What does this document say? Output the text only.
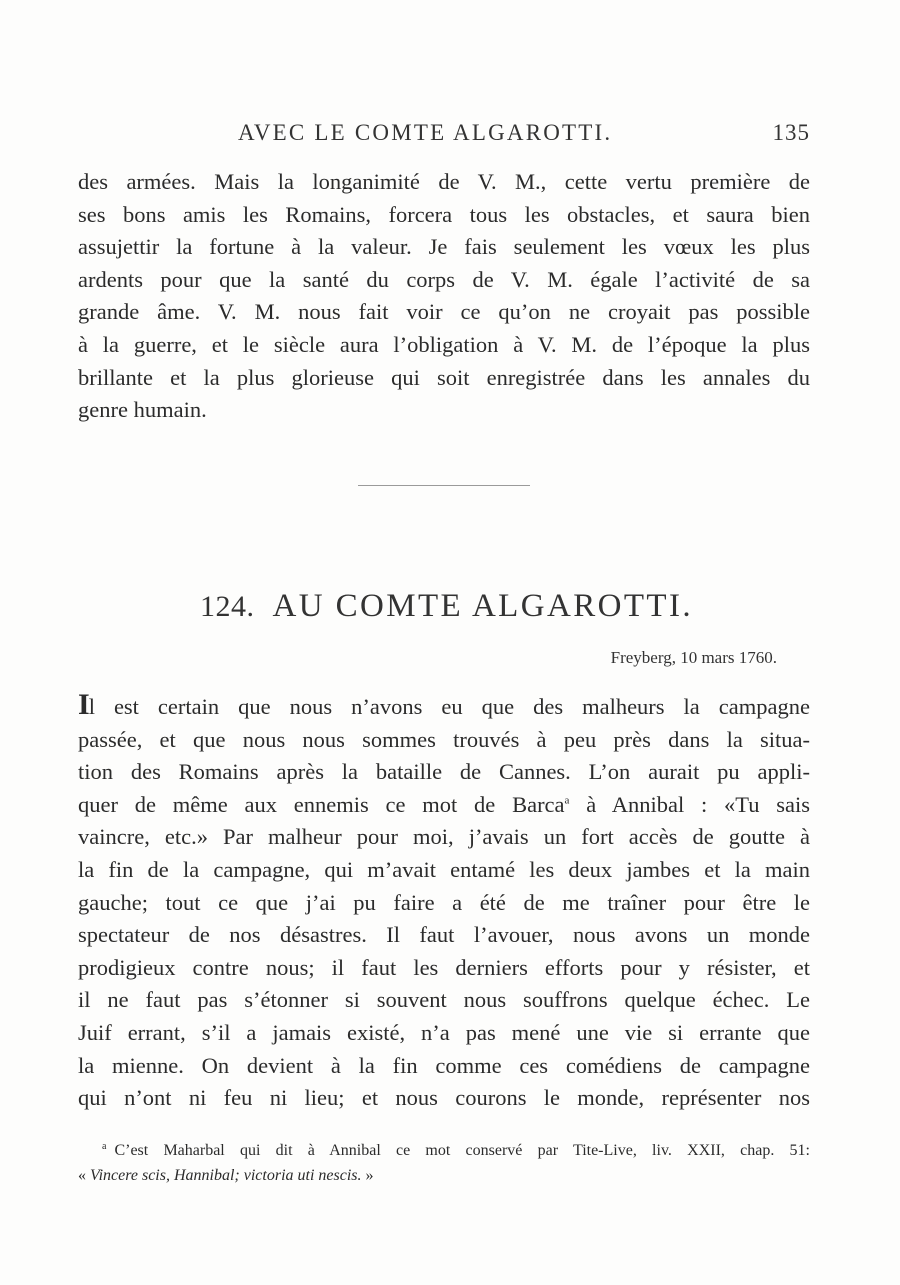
AVEC LE COMTE ALGAROTTI.	135
des armées. Mais la longanimité de V. M., cette vertu première de
ses bons amis les Romains, forcera tous les obstacles, et saura bien
assujettir la fortune à la valeur. Je fais seulement les vœux les plus
ardents pour que la santé du corps de V. M. égale l’activité de sa
grande âme. V. M. nous fait voir ce qu’on ne croyait pas possible
à la guerre, et le siècle aura l’obligation à V. M. de l’époque la plus
brillante et la plus glorieuse qui soit enregistrée dans les annales du
genre humain.
124. AU COMTE ALGAROTTI.
Freyberg, 10 mars 1760.
Il est certain que nous n’avons eu que des malheurs la campagne
passée, et que nous nous sommes trouvés à peu près dans la situa-
tion des Romains après la bataille de Cannes. L’on aurait pu appli-
quer de même aux ennemis ce mot de Barca$^a$ à Annibal : «Tu sais
vaincre, etc.» Par malheur pour moi, j’avais un fort accès de goutte à
la fin de la campagne, qui m’avait entamé les deux jambes et la main
gauche; tout ce que j’ai pu faire a été de me traîner pour être le
spectateur de nos désastres. Il faut l’avouer, nous avons un monde
prodigieux contre nous; il faut les derniers efforts pour y résister, et
il ne faut pas s’étonner si souvent nous souffrons quelque échec. Le
Juif errant, s’il a jamais existé, n’a pas mené une vie si errante que
la mienne. On devient à la fin comme ces comédiens de campagne
qui n’ont ni feu ni lieu; et nous courons le monde, représenter nos
$^a$ C’est Maharbal qui dit à Annibal ce mot conservé par Tite-Live, liv. XXII, chap. 51:
« Vincere scis, Hannibal; victoria uti nescis. »
